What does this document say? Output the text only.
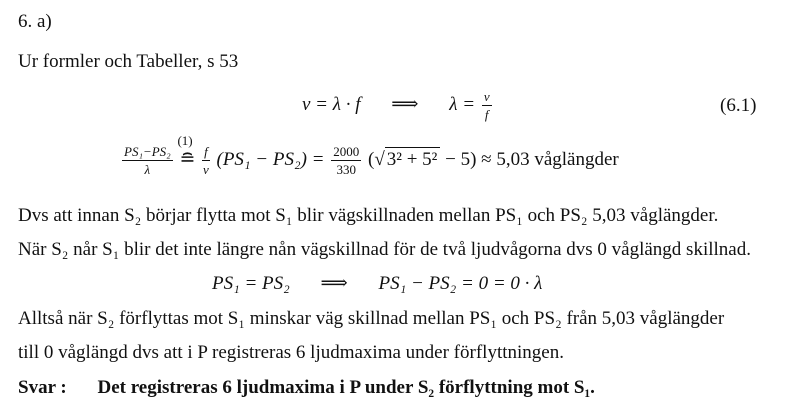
6. a)
Ur formler och Tabeller, s 53
v = λ · f ⟹ $\lambda = \frac{v}{f}$	(6.1)
$\frac{\text{PS₁−PS₂}}{\lambda}$

(1)
≘ $\frac{f}{v} (PS_1 - PS_2) = \frac{2000}{330}$ (√ 3² + 5² − 5) ≈ 5,03 våglängder
Dvs att innan S₂ börjar flytta mot S₁ blir vägskillnaden mellan PS₁ och PS₂ 5,03 våglängder.
När S₂ når S₁ blir det inte längre nån vägskillnad för de två ljudvågorna dvs 0 våglängd skillnad.
PS₁ = PS₂ ⟹ PS₁ − PS₂ = 0 = 0 · λ
Alltså när S₂ förflyttas mot S₁ minskar väg skillnad mellan PS₁ och PS₂ från 5,03 våglängder
till 0 våglängd dvs att i P registreras 6 ljudmaxima under förflyttningen.
Svar : Det registreras 6 ljudmaxima i P under S₂ förflyttning mot S₁.
